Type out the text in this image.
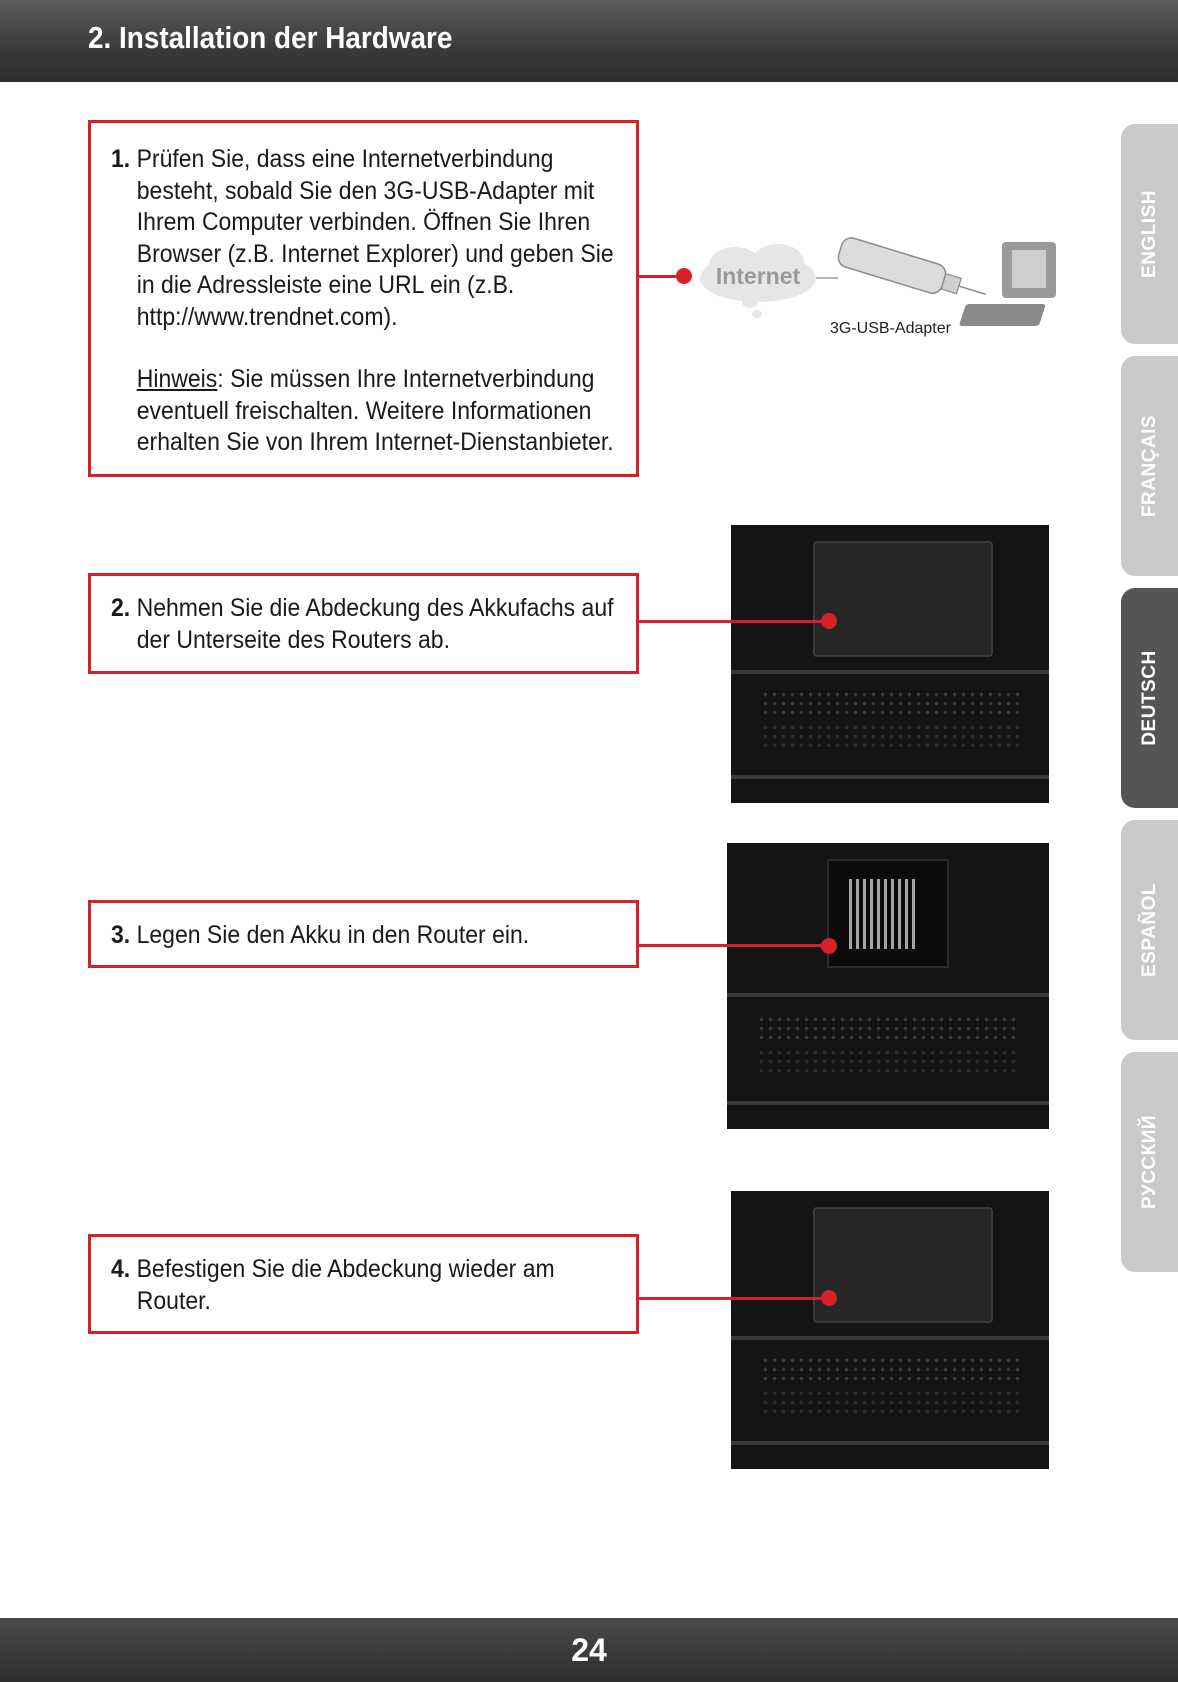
2. Installation der Hardware
1. Prüfen Sie, dass eine Internetverbindung
besteht, sobald Sie den 3G-USB-Adapter mit
Ihrem Computer verbinden. Öffnen Sie Ihren
Browser (z.B. Internet Explorer) und geben Sie
in die Adressleiste eine URL ein (z.B.
http://www.trendnet.com).
Hinweis: Sie müssen Ihre Internetverbindung
eventuell freischalten. Weitere Informationen
erhalten Sie von Ihrem Internet-Dienstanbieter.
Internet
3G-USB-Adapter
2. Nehmen Sie die Abdeckung des Akkufachs auf
der Unterseite des Routers ab.
3. Legen Sie den Akku in den Router ein.
4. Befestigen Sie die Abdeckung wieder am
Router.
ENGLISH
FRANÇAIS
DEUTSCH
ESPAÑOL
РУССКИЙ
24
